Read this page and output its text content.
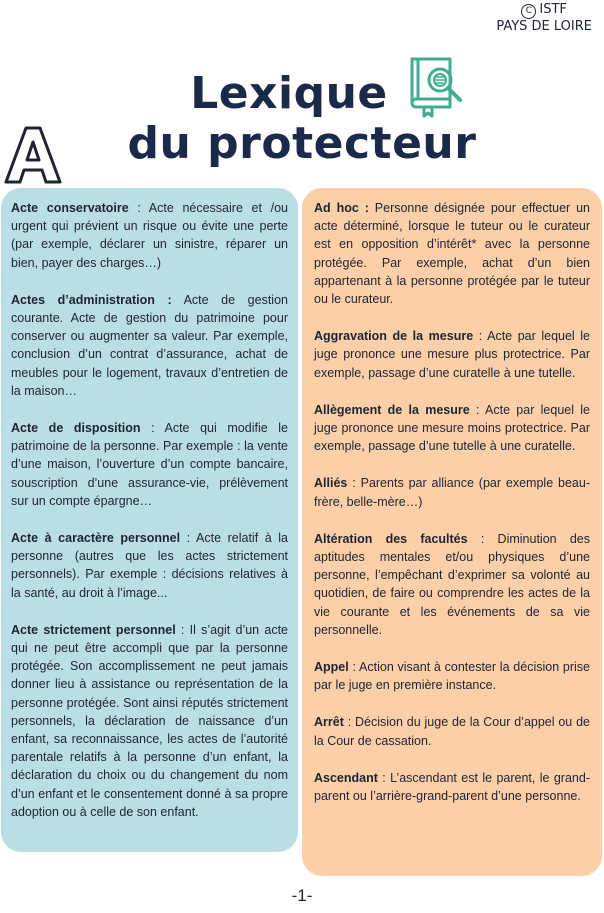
C ISTF
PAYS DE LOIRE
Lexique
du protecteur

Acte conservatoire : Acte nécessaire et /ou urgent qui prévient un risque ou évite une perte (par exemple, déclarer un sinistre, réparer un bien, payer des charges…)

Actes d’administration : Acte de gestion courante. Acte de gestion du patrimoine pour conserver ou augmenter sa valeur. Par exemple, conclusion d’un contrat d’assurance, achat de meubles pour le logement, travaux d’entretien de la maison…

Acte de disposition : Acte qui modifie le patrimoine de la personne. Par exemple : la vente d’une maison, l’ouverture d’un compte bancaire, souscription d’une assurance-vie, prélèvement sur un compte épargne…

Acte à caractère personnel : Acte relatif à la personne (autres que les actes strictement personnels). Par exemple : décisions relatives à la santé, au droit à l’image...

Acte strictement personnel : Il s’agit d’un acte qui ne peut être accompli que par la personne protégée. Son accomplissement ne peut jamais donner lieu à assistance ou représentation de la personne protégée. Sont ainsi réputés strictement personnels, la déclaration de naissance d’un enfant, sa reconnaissance, les actes de l’autorité parentale relatifs à la personne d’un enfant, la déclaration du choix ou du changement du nom d’un enfant et le consentement donné à sa propre adoption ou à celle de son enfant.

Ad hoc : Personne désignée pour effectuer un acte déterminé, lorsque le tuteur ou le curateur est en opposition d’intérêt* avec la personne protégée. Par exemple, achat d’un bien appartenant à la personne protégée par le tuteur ou le curateur.

Aggravation de la mesure : Acte par lequel le juge prononce une mesure plus protectrice. Par exemple, passage d’une curatelle à une tutelle.

Allègement de la mesure : Acte par lequel le juge prononce une mesure moins protectrice. Par exemple, passage d’une tutelle à une curatelle.

Alliés : Parents par alliance (par exemple beau-frère, belle-mère…)

Altération des facultés : Diminution des aptitudes mentales et/ou physiques d’une personne, l’empêchant d’exprimer sa volonté au quotidien, de faire ou comprendre les actes de la vie courante et les événements de sa vie personnelle.

Appel : Action visant à contester la décision prise par le juge en première instance.

Arrêt : Décision du juge de la Cour d’appel ou de la Cour de cassation.

Ascendant : L’ascendant est le parent, le grand-parent ou l’arrière-grand-parent d’une personne.

-1-
